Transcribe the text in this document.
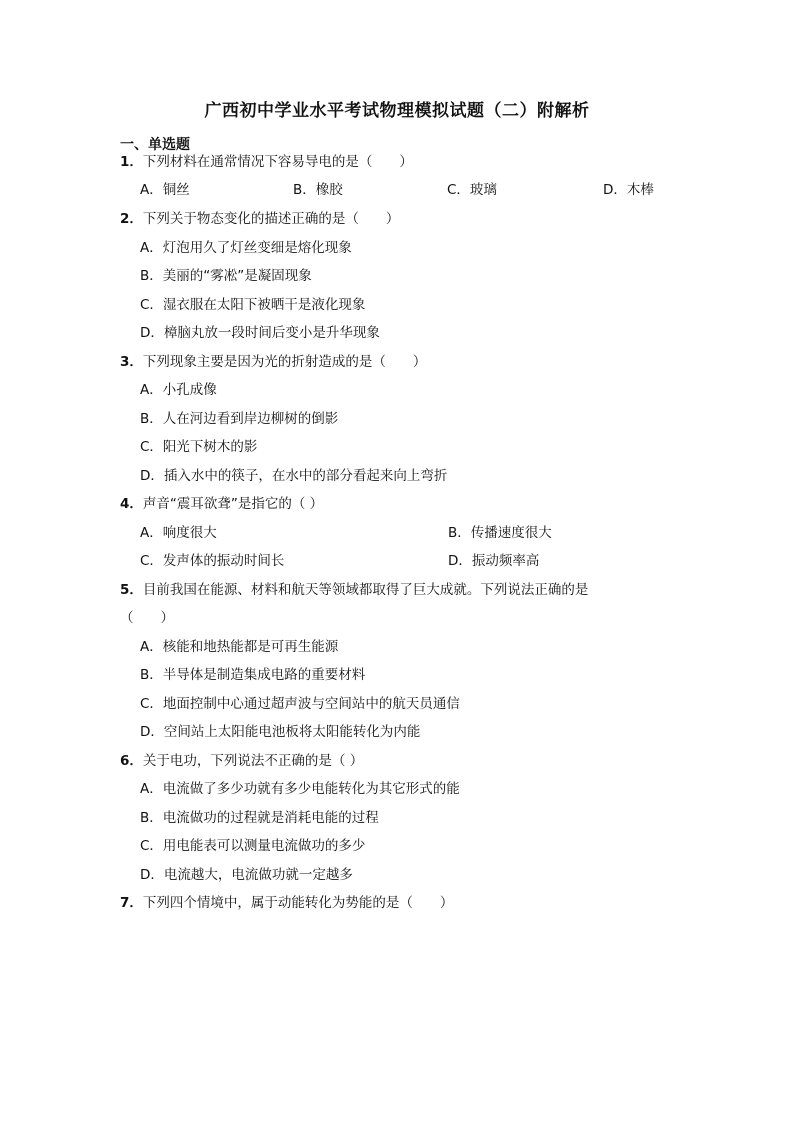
广西初中学业水平考试物理模拟试题（二）附解析
一、单选题
1．下列材料在通常情况下容易导电的是（　　）
A．铜丝	B．橡胶	C．玻璃	D．木棒
2．下列关于物态变化的描述正确的是（　　）
A．灯泡用久了灯丝变细是熔化现象
B．美丽的“雾凇”是凝固现象
C．湿衣服在太阳下被晒干是液化现象
D．樟脑丸放一段时间后变小是升华现象
3．下列现象主要是因为光的折射造成的是（　　）
A．小孔成像
B．人在河边看到岸边柳树的倒影
C．阳光下树木的影
D．插入水中的筷子，在水中的部分看起来向上弯折
4．声音“震耳欲聋”是指它的（ ）
A．响度很大	B．传播速度很大
C．发声体的振动时间长	D．振动频率高
5．目前我国在能源、材料和航天等领域都取得了巨大成就。下列说法正确的是
（　　）
A．核能和地热能都是可再生能源
B．半导体是制造集成电路的重要材料
C．地面控制中心通过超声波与空间站中的航天员通信
D．空间站上太阳能电池板将太阳能转化为内能
6．关于电功，下列说法不正确的是（ ）
A．电流做了多少功就有多少电能转化为其它形式的能
B．电流做功的过程就是消耗电能的过程
C．用电能表可以测量电流做功的多少
D．电流越大，电流做功就一定越多
7．下列四个情境中，属于动能转化为势能的是（　　）
